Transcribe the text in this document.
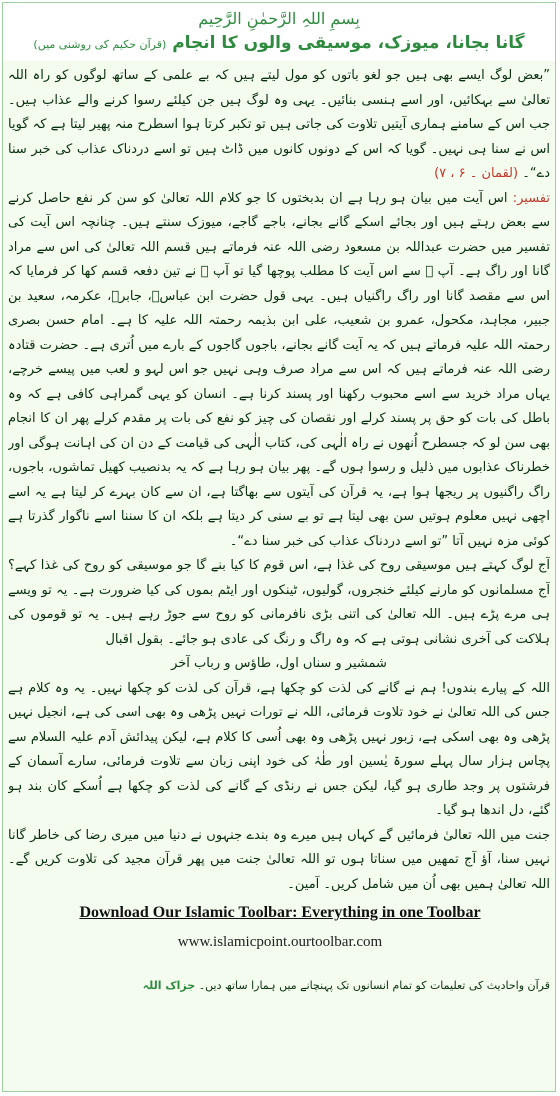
بِسمِ اللہِ الرَّحمٰنِ الرَّحِیم
گانا بجانا، میوزک، موسیقی والوں کا انجام (قرآن حکیم کی روشنی میں)

”بعض لوگ ایسے بھی ہیں جو لغو باتوں کو مول لیتے ہیں کہ بے علمی کے ساتھ لوگوں کو راہ اللہ تعالیٰ سے بہکائیں، اور اسے ہنسی بنائیں۔ یہی وہ لوگ ہیں جن کیلئے رسوا کرنے والے عذاب ہیں۔ جب اس کے سامنے ہماری آیتیں تلاوت کی جاتی ہیں تو تکبر کرتا ہوا اسطرح منہ پھیر لیتا ہے کہ گویا اس نے سنا ہی نہیں۔ گویا کہ اس کے دونوں کانوں میں ڈاٹ ہیں تو اسے دردناک عذاب کی خبر سنا دے“۔ (لقمان ۔ ۶ ، ۷)

تفسیر: اس آیت میں بیان ہو رہا ہے ان بدبختوں کا جو کلام اللہ تعالیٰ کو سن کر نفع حاصل کرنے سے بعض رہتے ہیں اور بجائے اسکے گانے بجانے، باجے گاجے، میوزک سنتے ہیں۔ چنانچہ اس آیت کی تفسیر میں حضرت عبداللہ بن مسعود رضی اللہ عنہ فرماتے ہیں قسم اللہ تعالیٰ کی اس سے مراد گانا اور راگ ہے۔ آپ ﷺ سے اس آیت کا مطلب پوچھا گیا تو آپ ﷺ نے تین دفعہ قسم کھا کر فرمایا کہ اس سے مقصد گانا اور راگ راگنیاں ہیں۔ یہی قول حضرت ابن عباسؓ، جابرؓ، عکرمہ، سعید بن جبیر، مجاہد، مکحول، عمرو بن شعیب، علی ابن بذیمہ رحمتہ اللہ علیہ کا ہے۔ امام حسن بصری رحمتہ اللہ علیہ فرماتے ہیں کہ یہ آیت گانے بجانے، باجوں گاجوں کے بارے میں اُتری ہے۔ حضرت قتادہ رضی اللہ عنہ فرماتے ہیں کہ اس سے مراد صرف وہی نہیں جو اس لہو و لعب میں پیسے خرچے، یہاں مراد خرید سے اسے محبوب رکھنا اور پسند کرنا ہے۔ انسان کو یہی گمراہی کافی ہے کہ وہ باطل کی بات کو حق پر پسند کرلے اور نقصان کی چیز کو نفع کی بات پر مقدم کرلے پھر ان کا انجام بھی سن لو کہ جسطرح اُنھوں نے راہ الٰہی کی، کتاب الٰہی کی قیامت کے دن ان کی اہانت ہوگی اور خطرناک عذابوں میں ذلیل و رسوا ہوں گے۔ پھر بیان ہو رہا ہے کہ یہ بدنصیب کھیل تماشوں، باجوں، راگ راگنیوں پر ریجھا ہوا ہے، یہ قرآن کی آیتوں سے بھاگتا ہے، ان سے کان بہرے کر لیتا ہے یہ اسے اچھی نہیں معلوم ہوتیں سن بھی لیتا ہے تو بے سنی کر دیتا ہے بلکہ ان کا سننا اسے ناگوار گذرتا ہے کوئی مزہ نہیں آتا ”تو اسے دردناک عذاب کی خبر سنا دے“۔

آج لوگ کہتے ہیں موسیقی روح کی غذا ہے، اس قوم کا کیا بنے گا جو موسیقی کو روح کی غذا کہے؟ آج مسلمانوں کو مارنے کیلئے خنجروں، گولیوں، ٹینکوں اور ایٹم بموں کی کیا ضرورت ہے۔ یہ تو ویسے ہی مرے پڑے ہیں۔ اللہ تعالیٰ کی اتنی بڑی نافرمانی کو روح سے جوڑ رہے ہیں۔ یہ تو قوموں کی ہلاکت کی آخری نشانی ہوتی ہے کہ وہ راگ و رنگ کی عادی ہو جائے۔ بقول اقبال

شمشیر و سناں اول، طاؤس و رباب آخر

اللہ کے پیارے بندوں! ہم نے گانے کی لذت کو چکھا ہے، قرآن کی لذت کو چکھا نہیں۔ یہ وہ کلام ہے جس کی اللہ تعالیٰ نے خود تلاوت فرمائی، اللہ نے تورات نہیں پڑھی وہ بھی اسی کی ہے، انجیل نہیں پڑھی وہ بھی اسکی ہے، زبور نہیں پڑھی وہ بھی اُسی کا کلام ہے، لیکن پیدائش آدم علیہ السلام سے پچاس ہزار سال پہلے سورۃ یٰسین اور طٰہٰ کی خود اپنی زبان سے تلاوت فرمائی، سارے آسمان کے فرشتوں پر وجد طاری ہو گیا، لیکن جس نے رنڈی کے گانے کی لذت کو چکھا ہے اُسکے کان بند ہو گئے، دل اندھا ہو گیا۔

جنت میں اللہ تعالیٰ فرمائیں گے کہاں ہیں میرے وہ بندے جنہوں نے دنیا میں میری رضا کی خاطر گانا نہیں سنا، آؤ آج تمھیں میں سناتا ہوں تو اللہ تعالیٰ جنت میں پھر قرآن مجید کی تلاوت کریں گے۔ اللہ تعالیٰ ہمیں بھی اُن میں شامل کریں۔ آمین۔

Download Our Islamic Toolbar: Everything in one Toolbar
www.islamicpoint.ourtoolbar.com
قرآن واحادیث کی تعلیمات کو تمام انسانوں تک پہنچانے میں ہمارا ساتھ دیں۔ جزاک اللہ
